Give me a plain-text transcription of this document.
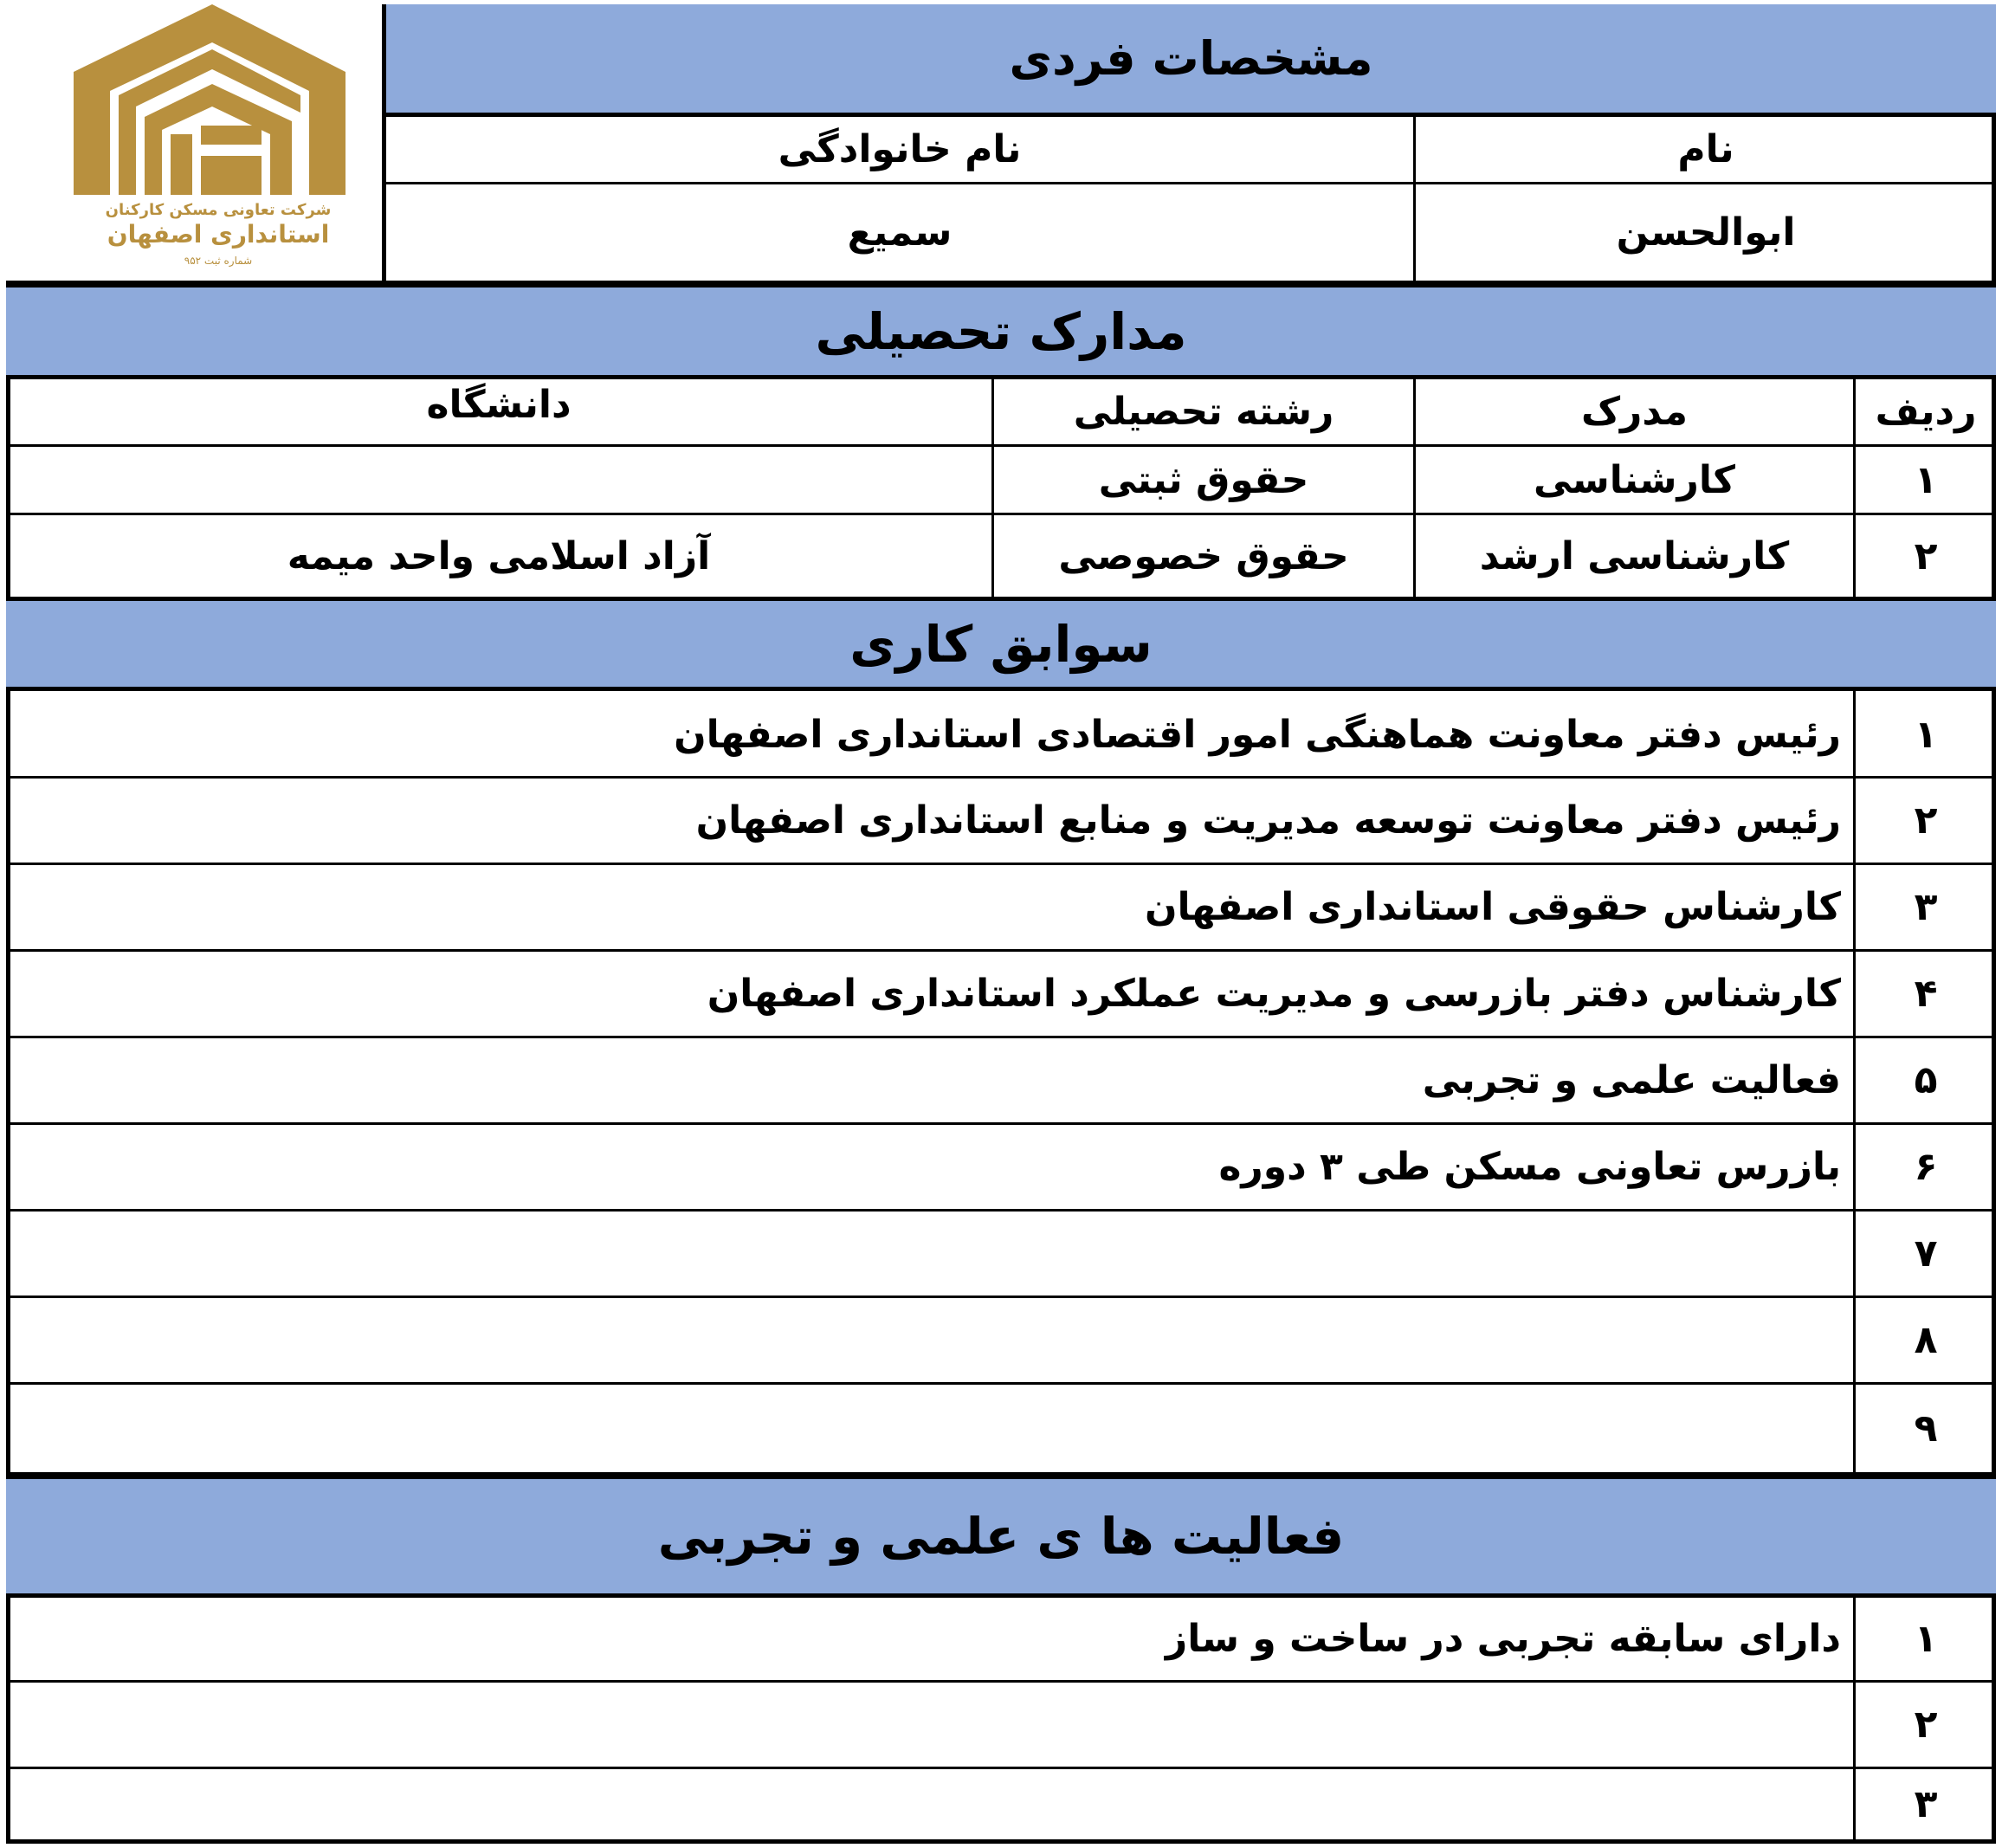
شرکت تعاونی مسکن کارکنان
استانداری اصفهان
شماره ثبت ۹۵۲
مشخصات فردی
نام
نام خانوادگی
ابوالحسن
سمیع
مدارک تحصیلی
ردیف
مدرک
رشته تحصیلی
دانشگاه
۱
کارشناسی
حقوق ثبتی
۲
کارشناسی ارشد
حقوق خصوصی
آزاد اسلامی واحد میمه
سوابق کاری
۱
رئیس دفتر معاونت هماهنگی امور اقتصادی استانداری اصفهان
۲
رئیس دفتر معاونت توسعه مدیریت و منابع استانداری اصفهان
۳
کارشناس حقوقی استانداری اصفهان
۴
کارشناس دفتر بازرسی و مدیریت عملکرد استانداری اصفهان
۵
فعالیت علمی و تجربی
۶
بازرس تعاونی مسکن طی ۳ دوره
۷
۸
۹
فعالیت ها ی علمی و تجربی
۱
دارای سابقه تجربی در ساخت و ساز
۲
۳
